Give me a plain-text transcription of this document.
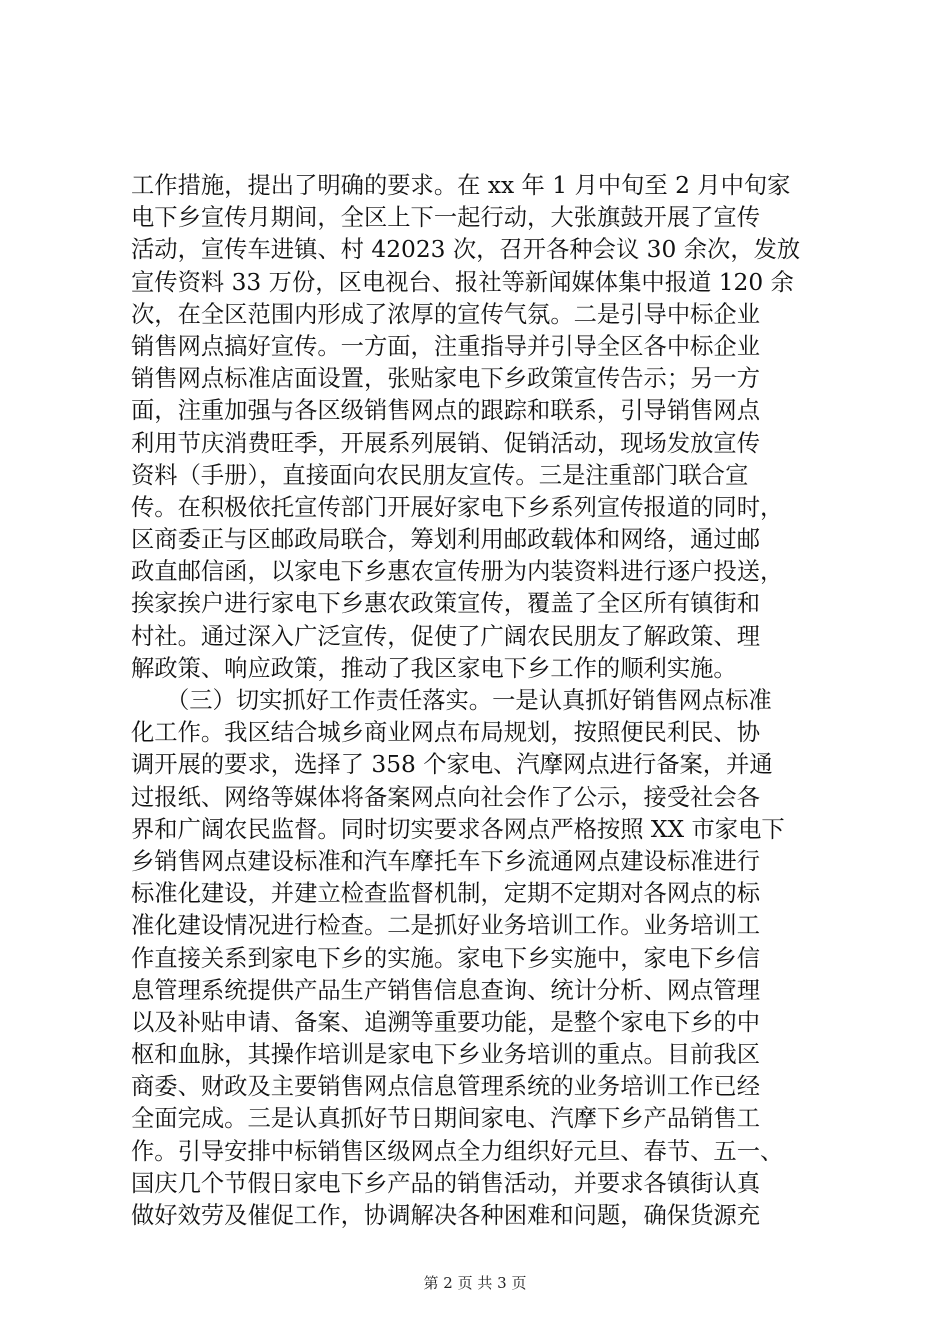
工作措施，提出了明确的要求。在 xx 年 1 月中旬至 2 月中旬家
电下乡宣传月期间，全区上下一起行动，大张旗鼓开展了宣传
活动，宣传车进镇、村 42023 次，召开各种会议 30 余次，发放
宣传资料 33 万份，区电视台、报社等新闻媒体集中报道 120 余
次，在全区范围内形成了浓厚的宣传气氛。二是引导中标企业
销售网点搞好宣传。一方面，注重指导并引导全区各中标企业
销售网点标准店面设置，张贴家电下乡政策宣传告示；另一方
面，注重加强与各区级销售网点的跟踪和联系，引导销售网点
利用节庆消费旺季，开展系列展销、促销活动，现场发放宣传
资料（手册），直接面向农民朋友宣传。三是注重部门联合宣
传。在积极依托宣传部门开展好家电下乡系列宣传报道的同时，
区商委正与区邮政局联合，筹划利用邮政载体和网络，通过邮
政直邮信函，以家电下乡惠农宣传册为内装资料进行逐户投送，
挨家挨户进行家电下乡惠农政策宣传，覆盖了全区所有镇街和
村社。通过深入广泛宣传，促使了广阔农民朋友了解政策、理
解政策、响应政策，推动了我区家电下乡工作的顺利实施。
　　（三）切实抓好工作责任落实。一是认真抓好销售网点标准
化工作。我区结合城乡商业网点布局规划，按照便民利民、协
调开展的要求，选择了 358 个家电、汽摩网点进行备案，并通
过报纸、网络等媒体将备案网点向社会作了公示，接受社会各
界和广阔农民监督。同时切实要求各网点严格按照 XX 市家电下
乡销售网点建设标准和汽车摩托车下乡流通网点建设标准进行
标准化建设，并建立检查监督机制，定期不定期对各网点的标
准化建设情况进行检查。二是抓好业务培训工作。业务培训工
作直接关系到家电下乡的实施。家电下乡实施中，家电下乡信
息管理系统提供产品生产销售信息查询、统计分析、网点管理
以及补贴申请、备案、追溯等重要功能，是整个家电下乡的中
枢和血脉，其操作培训是家电下乡业务培训的重点。目前我区
商委、财政及主要销售网点信息管理系统的业务培训工作已经
全面完成。三是认真抓好节日期间家电、汽摩下乡产品销售工
作。引导安排中标销售区级网点全力组织好元旦、春节、五一、
国庆几个节假日家电下乡产品的销售活动，并要求各镇街认真
做好效劳及催促工作，协调解决各种困难和问题，确保货源充
第 2 页 共 3 页
